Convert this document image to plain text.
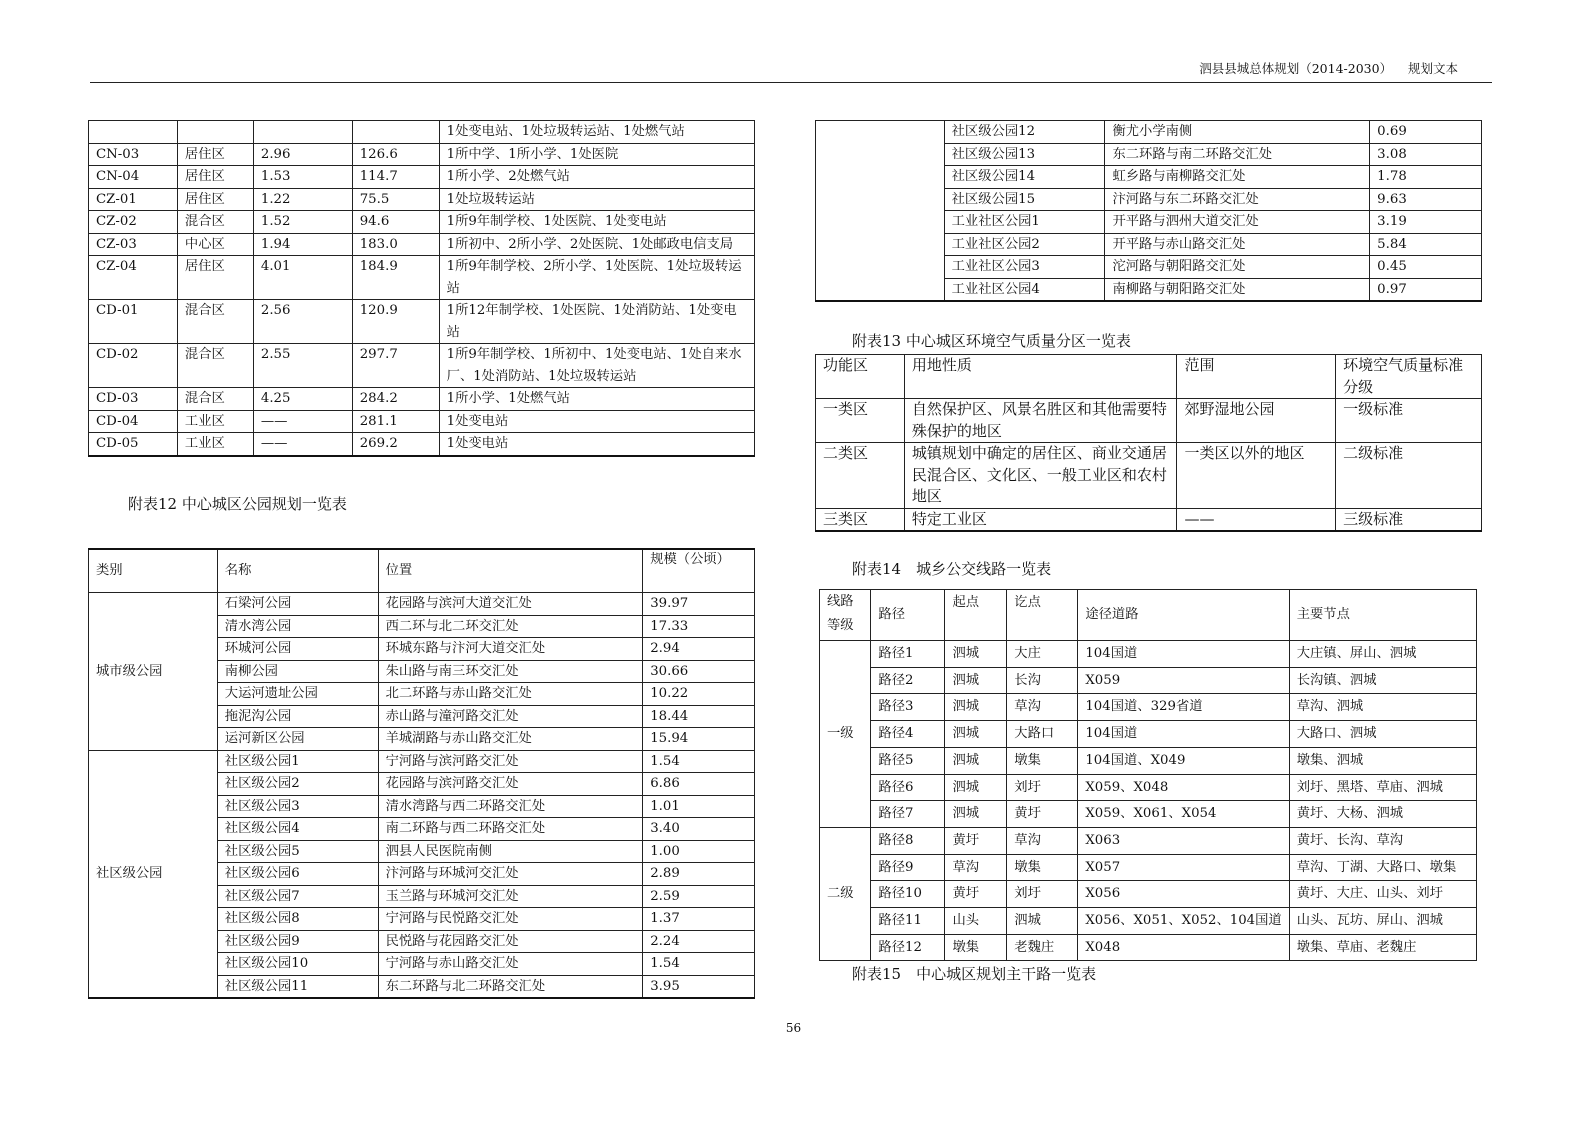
泗县县城总体规划（2014-2030） 规划文本
				1处变电站、1处垃圾转运站、1处燃气站
CN-03	居住区	2.96	126.6	1所中学、1所小学、1处医院
CN-04	居住区	1.53	114.7	1所小学、2处燃气站
CZ-01	居住区	1.22	75.5	1处垃圾转运站
CZ-02	混合区	1.52	94.6	1所9年制学校、1处医院、1处变电站
CZ-03	中心区	1.94	183.0	1所初中、2所小学、2处医院、1处邮政电信支局
CZ-04	居住区	4.01	184.9	1所9年制学校、2所小学、1处医院、1处垃圾转运站
CD-01	混合区	2.56	120.9	1所12年制学校、1处医院、1处消防站、1处变电站
CD-02	混合区	2.55	297.7	1所9年制学校、1所初中、1处变电站、1处自来水厂、1处消防站、1处垃圾转运站
CD-03	混合区	4.25	284.2	1所小学、1处燃气站
CD-04	工业区	——	281.1	1处变电站
CD-05	工业区	——	269.2	1处变电站
附表12 中心城区公园规划一览表
类别	名称	位置	规模（公顷）
城市级公园	石梁河公园	花园路与滨河大道交汇处	39.97
	清水湾公园	西二环与北二环交汇处	17.33
	环城河公园	环城东路与汴河大道交汇处	2.94
	南柳公园	朱山路与南三环交汇处	30.66
	大运河遗址公园	北二环路与赤山路交汇处	10.22
	拖泥沟公园	赤山路与潼河路交汇处	18.44
	运河新区公园	羊城湖路与赤山路交汇处	15.94
社区级公园	社区级公园1	宁河路与滨河路交汇处	1.54
	社区级公园2	花园路与滨河路交汇处	6.86
	社区级公园3	清水湾路与西二环路交汇处	1.01
	社区级公园4	南二环路与西二环路交汇处	3.40
	社区级公园5	泗县人民医院南侧	1.00
	社区级公园6	汴河路与环城河交汇处	2.89
	社区级公园7	玉兰路与环城河交汇处	2.59
	社区级公园8	宁河路与民悦路交汇处	1.37
	社区级公园9	民悦路与花园路交汇处	2.24
	社区级公园10	宁河路与赤山路交汇处	1.54
	社区级公园11	东二环路与北二环路交汇处	3.95
	社区级公园12	衡尤小学南侧	0.69
	社区级公园13	东二环路与南二环路交汇处	3.08
	社区级公园14	虹乡路与南柳路交汇处	1.78
	社区级公园15	汴河路与东二环路交汇处	9.63
	工业社区公园1	开平路与泗州大道交汇处	3.19
	工业社区公园2	开平路与赤山路交汇处	5.84
	工业社区公园3	沱河路与朝阳路交汇处	0.45
	工业社区公园4	南柳路与朝阳路交汇处	0.97
附表13 中心城区环境空气质量分区一览表
功能区	用地性质	范围	环境空气质量标准分级
一类区	自然保护区、风景名胜区和其他需要特殊保护的地区	郊野湿地公园	一级标准
二类区	城镇规划中确定的居住区、商业交通居民混合区、文化区、一般工业区和农村地区	一类区以外的地区	二级标准
三类区	特定工业区	——	三级标准
附表14　城乡公交线路一览表
线路等级	路径	起点	讫点	途径道路	主要节点
一级	路径1	泗城	大庄	104国道	大庄镇、屏山、泗城
	路径2	泗城	长沟	X059	长沟镇、泗城
	路径3	泗城	草沟	104国道、329省道	草沟、泗城
	路径4	泗城	大路口	104国道	大路口、泗城
	路径5	泗城	墩集	104国道、X049	墩集、泗城
	路径6	泗城	刘圩	X059、X048	刘圩、黑塔、草庙、泗城
	路径7	泗城	黄圩	X059、X061、X054	黄圩、大杨、泗城
二级	路径8	黄圩	草沟	X063	黄圩、长沟、草沟
	路径9	草沟	墩集	X057	草沟、丁湖、大路口、墩集
	路径10	黄圩	刘圩	X056	黄圩、大庄、山头、刘圩
	路径11	山头	泗城	X056、X051、X052、104国道	山头、瓦坊、屏山、泗城
	路径12	墩集	老魏庄	X048	墩集、草庙、老魏庄
附表15　中心城区规划主干路一览表
56
